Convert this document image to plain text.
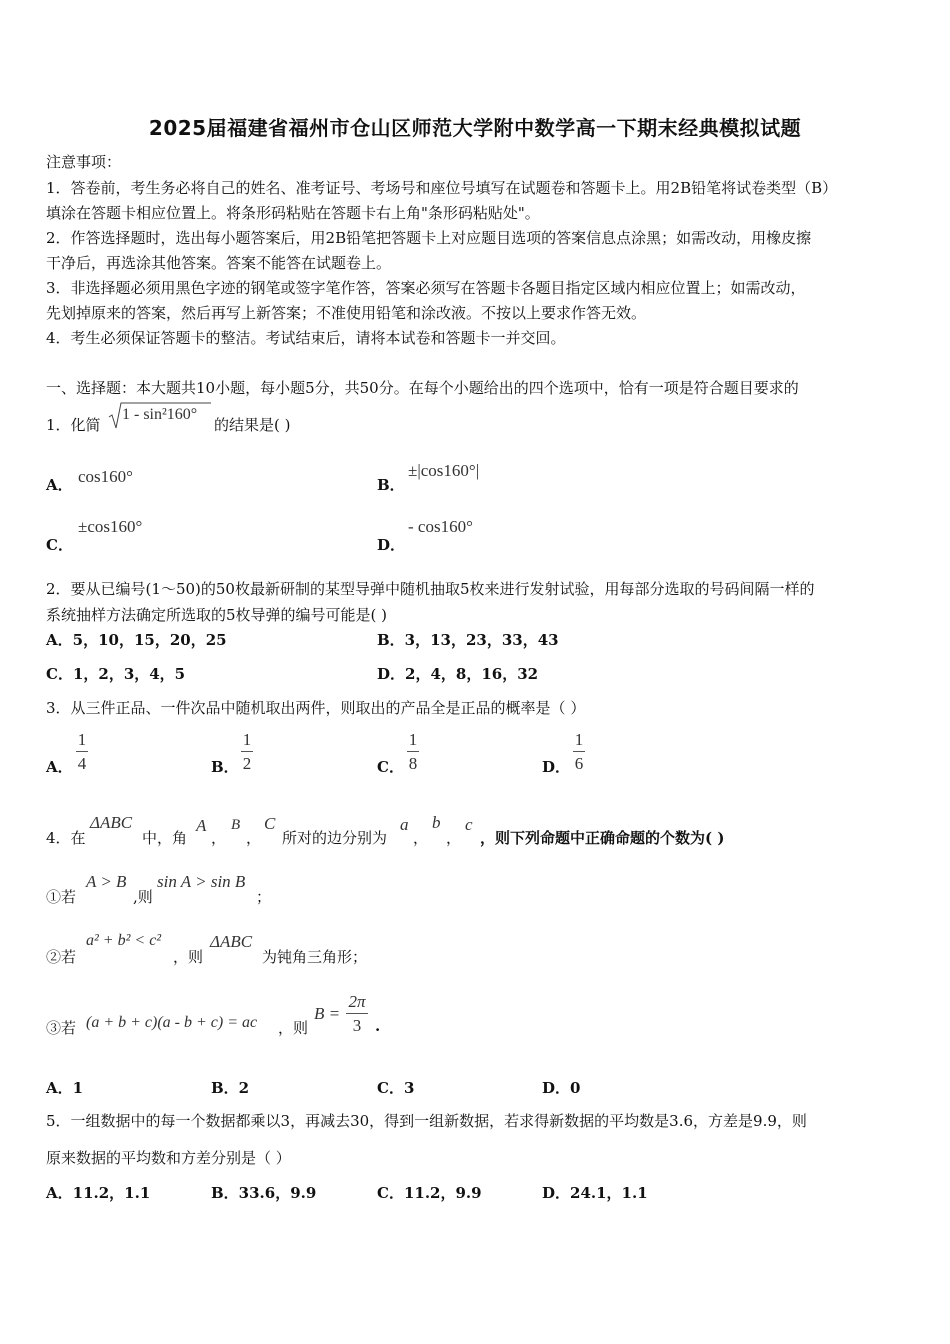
2025届福建省福州市仓山区师范大学附中数学高一下期末经典模拟试题
注意事项：
1．答卷前，考生务必将自己的姓名、准考证号、考场号和座位号填写在试题卷和答题卡上。用2B铅笔将试卷类型（B）
填涂在答题卡相应位置上。将条形码粘贴在答题卡右上角"条形码粘贴处"。
2．作答选择题时，选出每小题答案后，用2B铅笔把答题卡上对应题目选项的答案信息点涂黑；如需改动，用橡皮擦
干净后，再选涂其他答案。答案不能答在试题卷上。
3．非选择题必须用黑色字迹的钢笔或签字笔作答，答案必须写在答题卡各题目指定区域内相应位置上；如需改动，
先划掉原来的答案，然后再写上新答案；不准使用铅笔和涂改液。不按以上要求作答无效。
4．考生必须保证答题卡的整洁。考试结束后，请将本试卷和答题卡一并交回。
一、选择题：本大题共10小题，每小题5分，共50分。在每个小题给出的四个选项中，恰有一项是符合题目要求的
1．化简
1 - sin²160°
的结果是( )
A． cos160°	B．
±|cos160°|
C．
±cos160°
D．
- cos160°
2．要从已编号(1～50)的50枚最新研制的某型导弹中随机抽取5枚来进行发射试验，用每部分选取的号码间隔一样的
系统抽样方法确定所选取的5枚导弹的编号可能是( )
A．5，10，15，20，25	B．3，13，23，33，43
C．1，2，3，4，5	D．2，4，8，16，32
3．从三件正品、一件次品中随机取出两件，则取出的产品全是正品的概率是（ ）
A．
1
4	B．
1
2	C．
1
8	D．
1
6
4．在
ΔABC
中，角
A
，
B
，
C
所对的边分别为
a
，
b
，
c
，则下列命题中正确命题的个数为( )
①若
A > B
,则
sin A > sin B
；
②若
a² + b² < c²
，则
ΔABC
为钝角三角形；
③若 (a + b + c)(a - b + c) = ac ，则
B =
2π
3 .
A．1	B．2	C．3	D．0
5．一组数据中的每一个数据都乘以3，再减去30，得到一组新数据，若求得新数据的平均数是3.6，方差是9.9，则
原来数据的平均数和方差分别是（ ）
A．11.2，1.1	B．33.6，9.9	C．11.2，9.9	D．24.1，1.1
